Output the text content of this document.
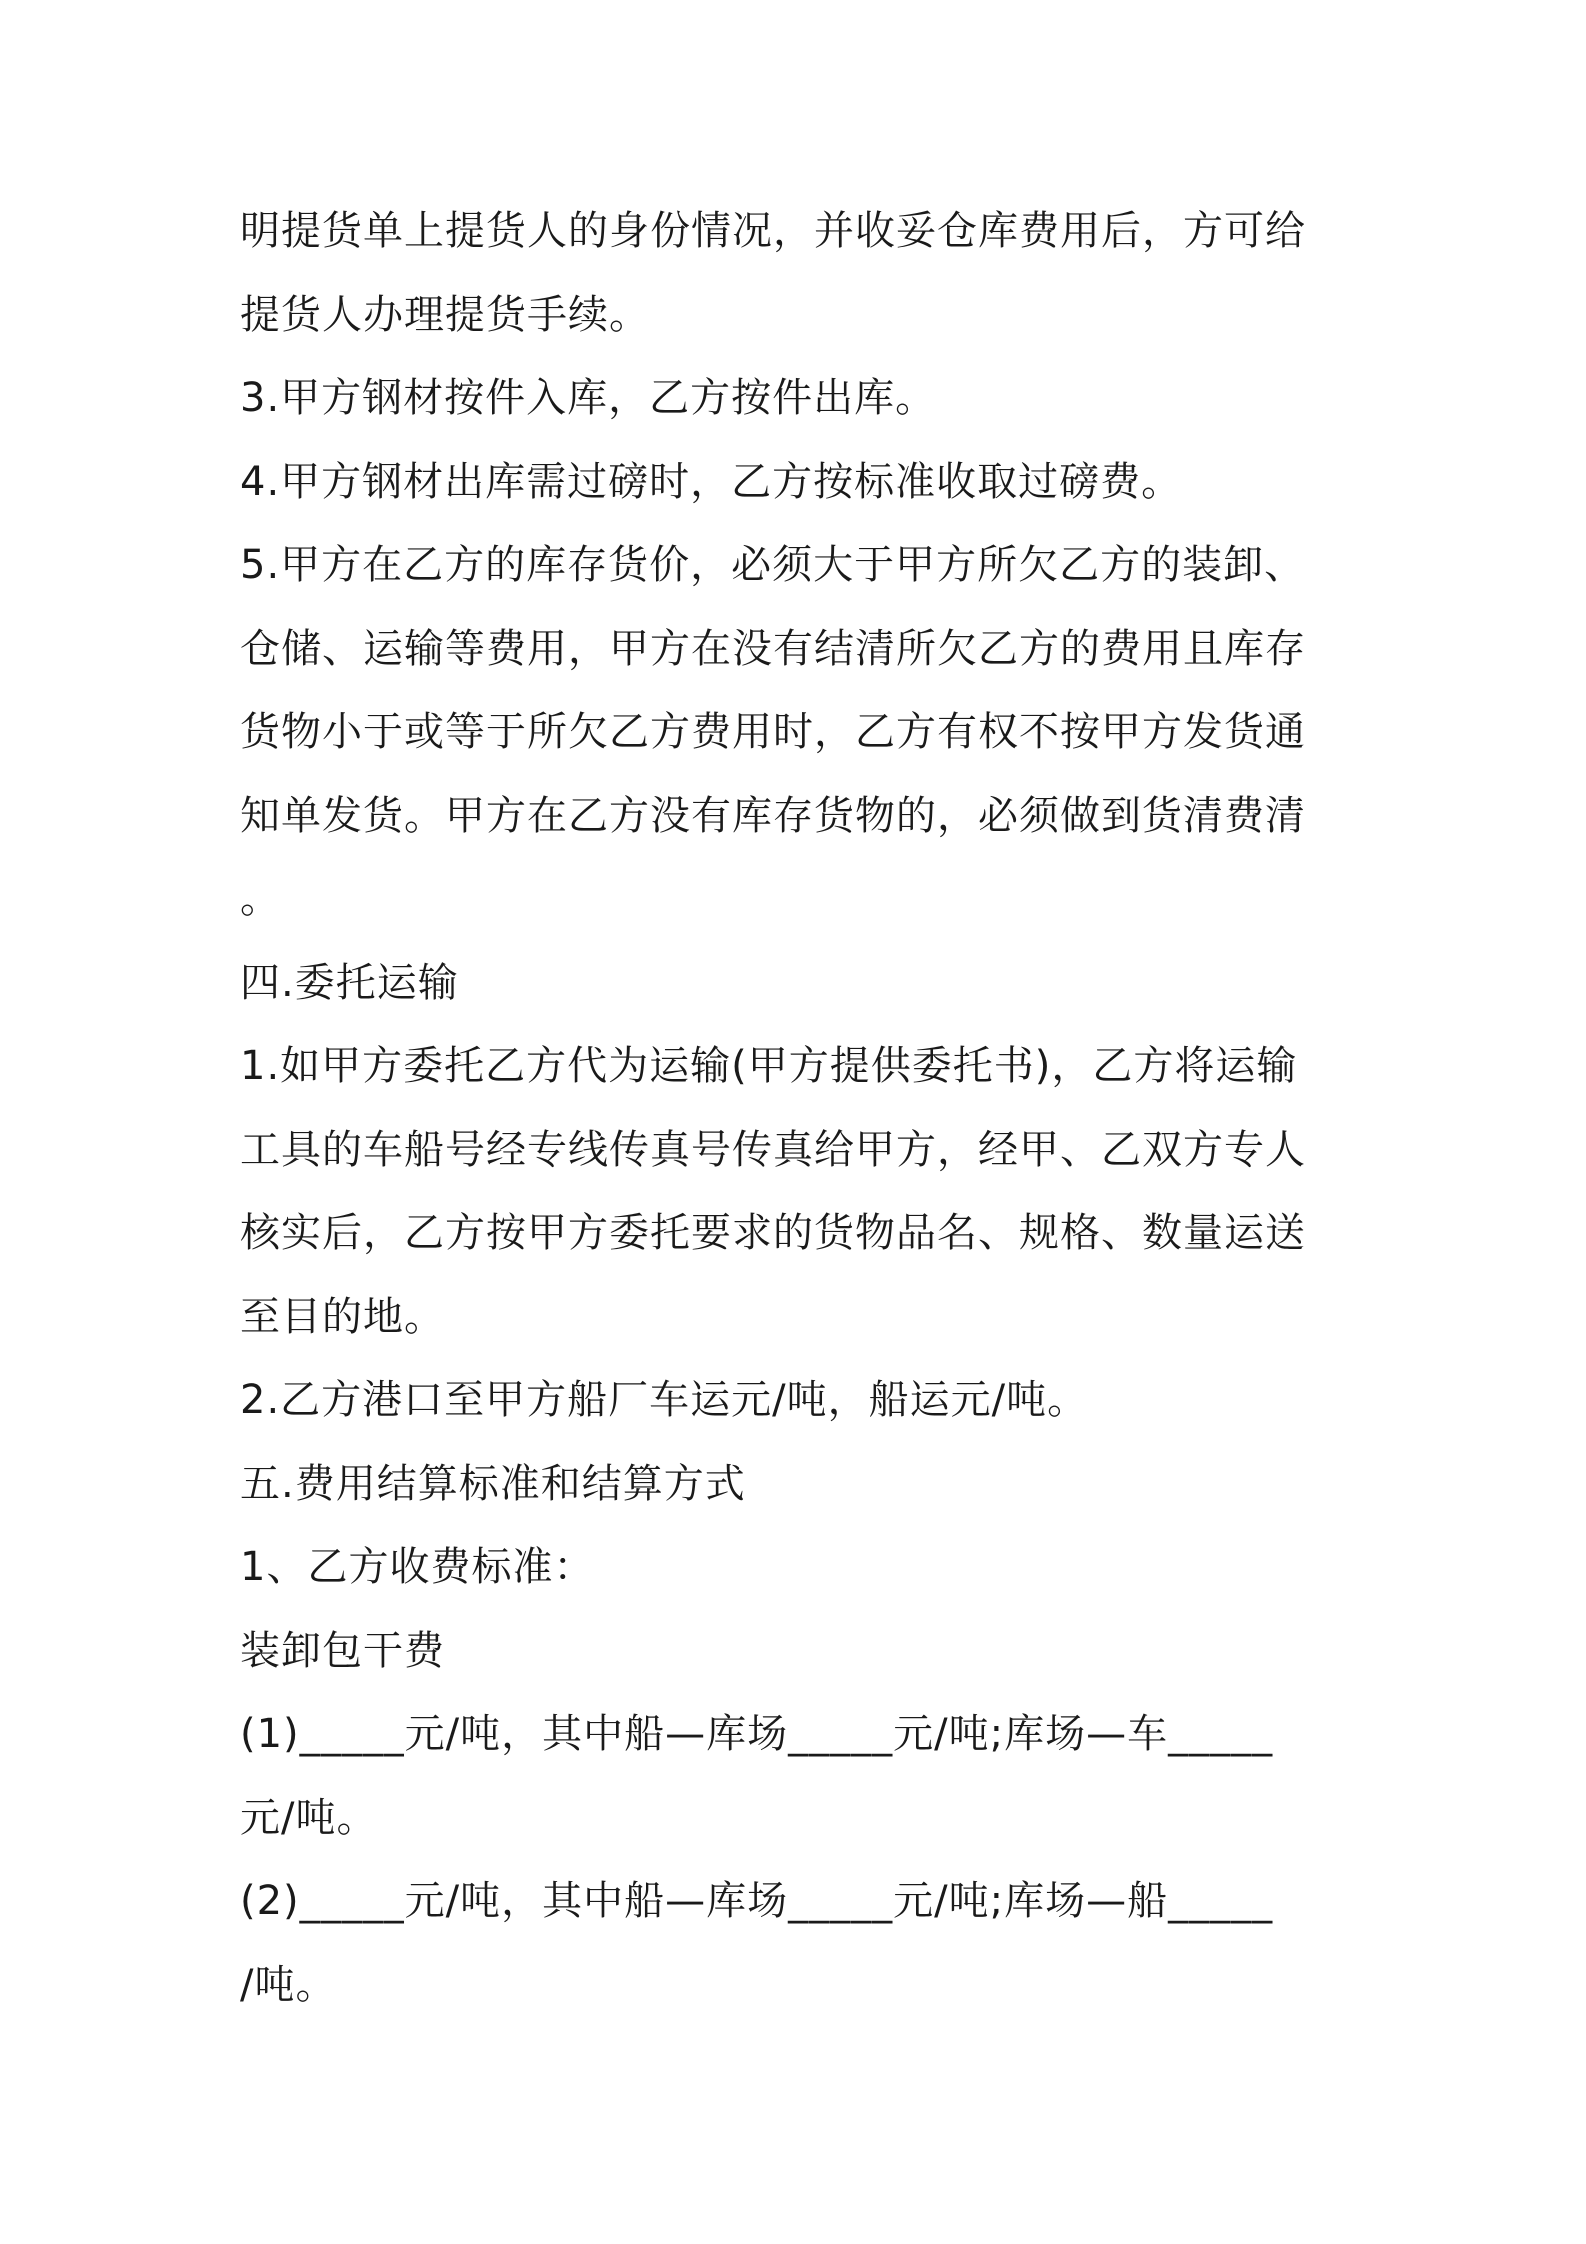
明提货单上提货人的身份情况，并收妥仓库费用后，方可给
提货人办理提货手续。
3.甲方钢材按件入库，乙方按件出库。
4.甲方钢材出库需过磅时，乙方按标准收取过磅费。
5.甲方在乙方的库存货价，必须大于甲方所欠乙方的装卸、
仓储、运输等费用，甲方在没有结清所欠乙方的费用且库存
货物小于或等于所欠乙方费用时，乙方有权不按甲方发货通
知单发货。甲方在乙方没有库存货物的，必须做到货清费清
。
四.委托运输
1.如甲方委托乙方代为运输(甲方提供委托书)，乙方将运输
工具的车船号经专线传真号传真给甲方，经甲、乙双方专人
核实后，乙方按甲方委托要求的货物品名、规格、数量运送
至目的地。
2.乙方港口至甲方船厂车运元/吨，船运元/吨。
五.费用结算标准和结算方式
1、乙方收费标准：
装卸包干费
(1)_____元/吨，其中船—库场_____元/吨;库场—车_____
元/吨。
(2)_____元/吨，其中船—库场_____元/吨;库场—船_____
/吨。
